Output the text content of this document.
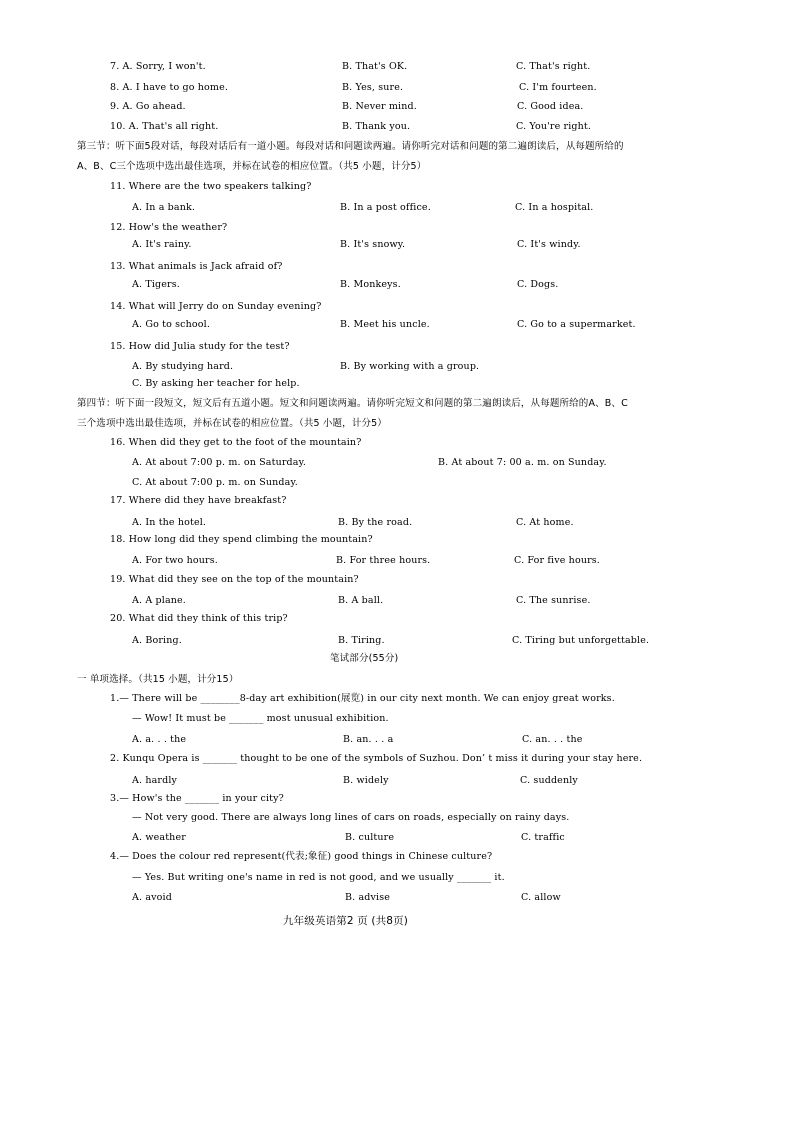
7. A. Sorry, I won't.	B. That's OK.	C. That's right.
8. A. I have to go home.	B. Yes, sure.	C. I'm fourteen.
9. A. Go ahead.	B. Never mind.	C. Good idea.
10. A. That's all right.	B. Thank you.	C. You're right.
第三节：听下面5段对话，每段对话后有一道小题。每段对话和问题读两遍。请你听完对话和问题的第二遍朗读后，从每题所给的
A、B、C三个选项中选出最佳选项，并标在试卷的相应位置。（共5 小题，计分5）
11. Where are the two speakers talking?
A. In a bank.	B. In a post office.	C. In a hospital.
12. How's the weather?
A. It's rainy.	B. It's snowy.	C. It's windy.
13. What animals is Jack afraid of?
A. Tigers.	B. Monkeys.	C. Dogs.
14. What will Jerry do on Sunday evening?
A. Go to school.	B. Meet his uncle.	C. Go to a supermarket.
15. How did Julia study for the test?
A. By studying hard.	B. By working with a group.
C. By asking her teacher for help.
第四节：听下面一段短文，短文后有五道小题。短文和问题读两遍。请你听完短文和问题的第二遍朗读后，从每题所给的A、B、C
三个选项中选出最佳选项，并标在试卷的相应位置。（共5 小题，计分5）
16. When did they get to the foot of the mountain?
A. At about 7:00 p. m. on Saturday.	B. At about 7: 00 a. m. on Sunday.
C. At about 7:00 p. m. on Sunday.
17. Where did they have breakfast?
A. In the hotel.	B. By the road.	C. At home.
18. How long did they spend climbing the mountain?
A. For two hours.	B. For three hours.	C. For five hours.
19. What did they see on the top of the mountain?
A. A plane.	B. A ball.	C. The sunrise.
20. What did they think of this trip?
A. Boring.	B. Tiring.	C. Tiring but unforgettable.
笔试部分(55分)
一 单项选择。（共15 小题，计分15）
1.— There will be ________8-day art exhibition(展览) in our city next month. We can enjoy great works.
— Wow! It must be _______ most unusual exhibition.
A. a. . . the	B. an. . . a	C. an. . . the
2. Kunqu Opera is _______ thought to be one of the symbols of Suzhou. Don’ t miss it during your stay here.
A. hardly	B. widely	C. suddenly
3.— How's the _______ in your city?
— Not very good. There are always long lines of cars on roads, especially on rainy days.
A. weather	B. culture	C. traffic
4.— Does the colour red represent(代表;象征) good things in Chinese culture?
— Yes. But writing one's name in red is not good, and we usually _______ it.
A. avoid	B. advise	C. allow
九年级英语第2 页 (共8页)
